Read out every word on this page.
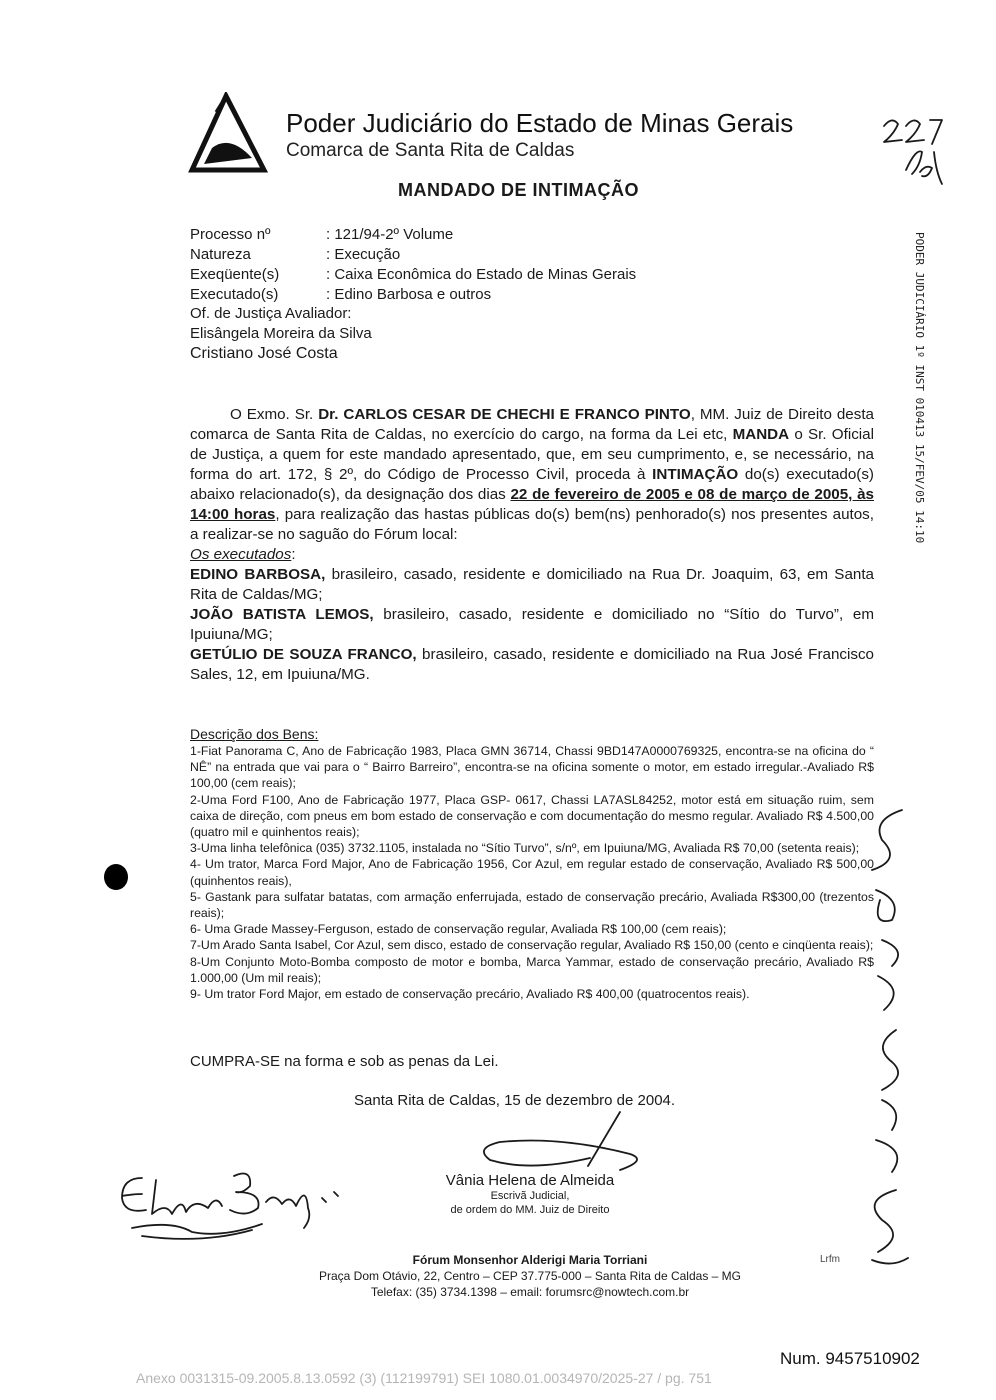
Poder Judiciário do Estado de Minas Gerais
Comarca de Santa Rita de Caldas
MANDADO DE INTIMAÇÃO
Processo nº	: 121/94-2º Volume
Natureza	: Execução
Exeqüente(s)	: Caixa Econômica do Estado de Minas Gerais
Executado(s)	: Edino Barbosa e outros
Of. de Justiça Avaliador:
Elisângela Moreira da Silva
Cristiano José Costa	PODER JUDICIÁRIO 1º INST 010413 15/FEV/05 14:10

O Exmo. Sr. Dr. CARLOS CESAR DE CHECHI E FRANCO PINTO, MM. Juiz de Direito desta comarca de Santa Rita de Caldas, no exercício do cargo, na forma da Lei etc, MANDA o Sr. Oficial de Justiça, a quem for este mandado apresentado, que, em seu cumprimento, e, se necessário, na forma do art. 172, § 2º, do Código de Processo Civil, proceda à INTIMAÇÃO do(s) executado(s) abaixo relacionado(s), da designação dos dias 22 de fevereiro de 2005 e 08 de março de 2005, às 14:00 horas, para realização das hastas públicas do(s) bem(ns) penhorado(s) nos presentes autos, a realizar-se no saguão do Fórum local:

Os executados:

EDINO BARBOSA, brasileiro, casado, residente e domiciliado na Rua Dr. Joaquim, 63, em Santa Rita de Caldas/MG;

JOÃO BATISTA LEMOS, brasileiro, casado, residente e domiciliado no “Sítio do Turvo”, em Ipuiuna/MG;

GETÚLIO DE SOUZA FRANCO, brasileiro, casado, residente e domiciliado na Rua José Francisco Sales, 12, em Ipuiuna/MG.

Descrição dos Bens:

1-Fiat Panorama C, Ano de Fabricação 1983, Placa GMN 36714, Chassi 9BD147A0000769325, encontra-se na oficina do “ NÊ” na entrada que vai para o “ Bairro Barreiro”, encontra-se na oficina somente o motor, em estado irregular.-Avaliado R$ 100,00 (cem reais);

2-Uma Ford F100, Ano de Fabricação 1977, Placa GSP- 0617, Chassi LA7ASL84252, motor está em situação ruim, sem caixa de direção, com pneus em bom estado de conservação e com documentação do mesmo regular. Avaliado R$ 4.500,00 (quatro mil e quinhentos reais);

3-Uma linha telefônica (035) 3732.1105, instalada no “Sítio Turvo”, s/nº, em Ipuiuna/MG, Avaliada R$ 70,00 (setenta reais);

4- Um trator, Marca Ford Major, Ano de Fabricação 1956, Cor Azul, em regular estado de conservação, Avaliado R$ 500,00 (quinhentos reais),

5- Gastank para sulfatar batatas, com armação enferrujada, estado de conservação precário, Avaliada R$300,00 (trezentos reais);

6- Uma Grade Massey-Ferguson, estado de conservação regular, Avaliada R$ 100,00 (cem reais);

7-Um Arado Santa Isabel, Cor Azul, sem disco, estado de conservação regular, Avaliado R$ 150,00 (cento e cinqüenta reais);

8-Um Conjunto Moto-Bomba composto de motor e bomba, Marca Yammar, estado de conservação precário, Avaliado R$ 1.000,00 (Um mil reais);

9- Um trator Ford Major, em estado de conservação precário, Avaliado R$ 400,00 (quatrocentos reais).

CUMPRA-SE na forma e sob as penas da Lei.
Santa Rita de Caldas, 15 de dezembro de 2004.
Vânia Helena de Almeida
Escrivã Judicial,
de ordem do MM. Juiz de Direito
Fórum Monsenhor Alderigi Maria Torriani
Praça Dom Otávio, 22, Centro – CEP 37.775-000 – Santa Rita de Caldas – MG
Telefax: (35) 3734.1398 – email: forumsrc@nowtech.com.br
Lrfm
Num. 9457510902
Anexo 0031315-09.2005.8.13.0592 (3) (112199791) SEI 1080.01.0034970/2025-27 / pg. 751
